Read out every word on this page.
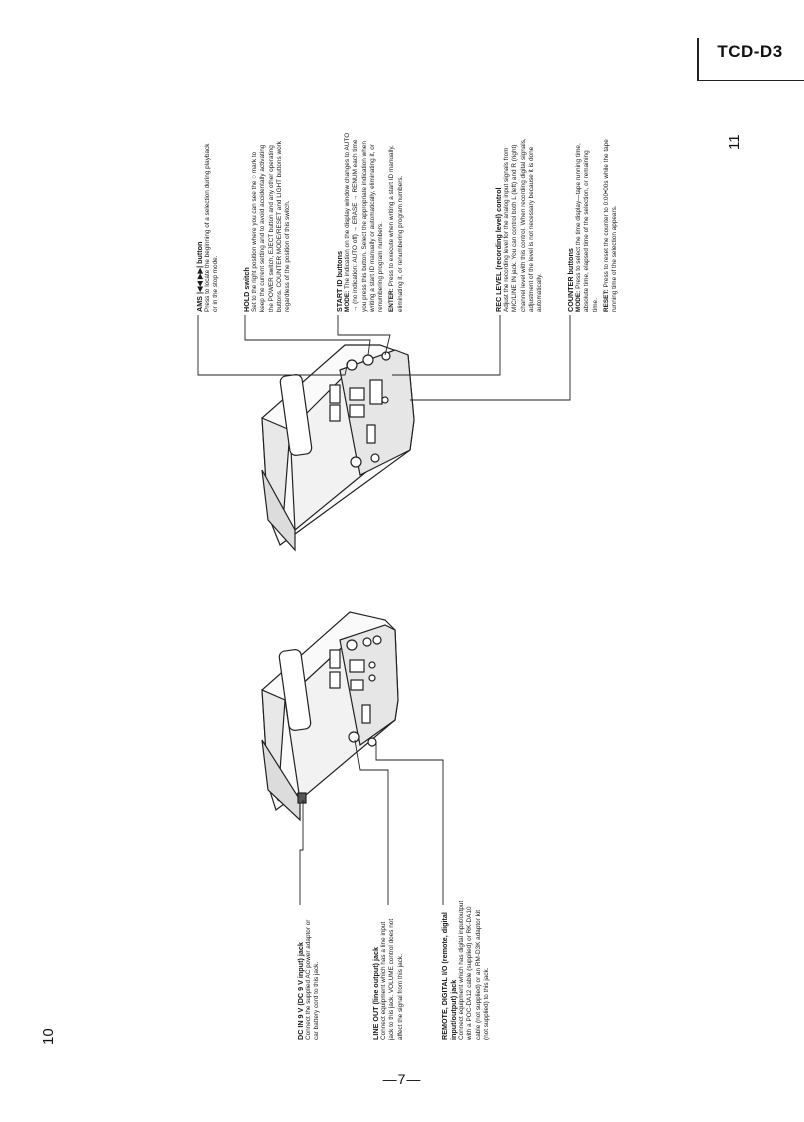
TCD-D3
11
10
—7—
DC IN 9 V (DC 9 V input) jack Connect the supplied AC power adaptor or car battery cord to this jack.	LINE OUT (line output) jack Connect equipment which has a line input jack to this jack. VOLUME control does not affect the signal from this jack.	REMOTE, DIGITAL I/O (remote, digital input/output) jack Connect equipment which has digital input/output with a POC-DA12 cable (supplied) or RK-DA10 cable (not supplied) or an RM-D3K adaptor kit (not supplied) to this jack.
AMS |◀◀ ▶▶| button Press to locate the beginning of a selection during playback or in the stop mode.	HOLD switch Set to the right position where you can see the ○ mark to keep the current setting and to avoid accidentally activating the POWER switch, EJECT button and any other operating buttons. COUNTER MODE/RESET and LIGHT buttons work regardless of the position of this switch.	START ID buttons MODE: The indication on the display window changes to AUTO → (no indication: AUTO off) → ERASE → RENUM each time you press this button. Select the appropriate indication when writing a start ID manually or automatically, eliminating it, or renumbering program numbers. ENTER: Press to execute when writing a start ID manually, eliminating it, or renumbering program numbers.	REC LEVEL (recording level) control Adjust the recording level for the analog input signals from MIC/LINE IN jack. You can control both L (left) and R (right) channel level with this control. When recording digital signals, adjustment of the level is not necessary because it is done automatically.	COUNTER buttons MODE: Press to select the time display—tape running time, absolute time, elapsed time of the selection, or remaining time. RESET: Press to reset the counter to 0:00•00s while the tape running time of the selection appears.
